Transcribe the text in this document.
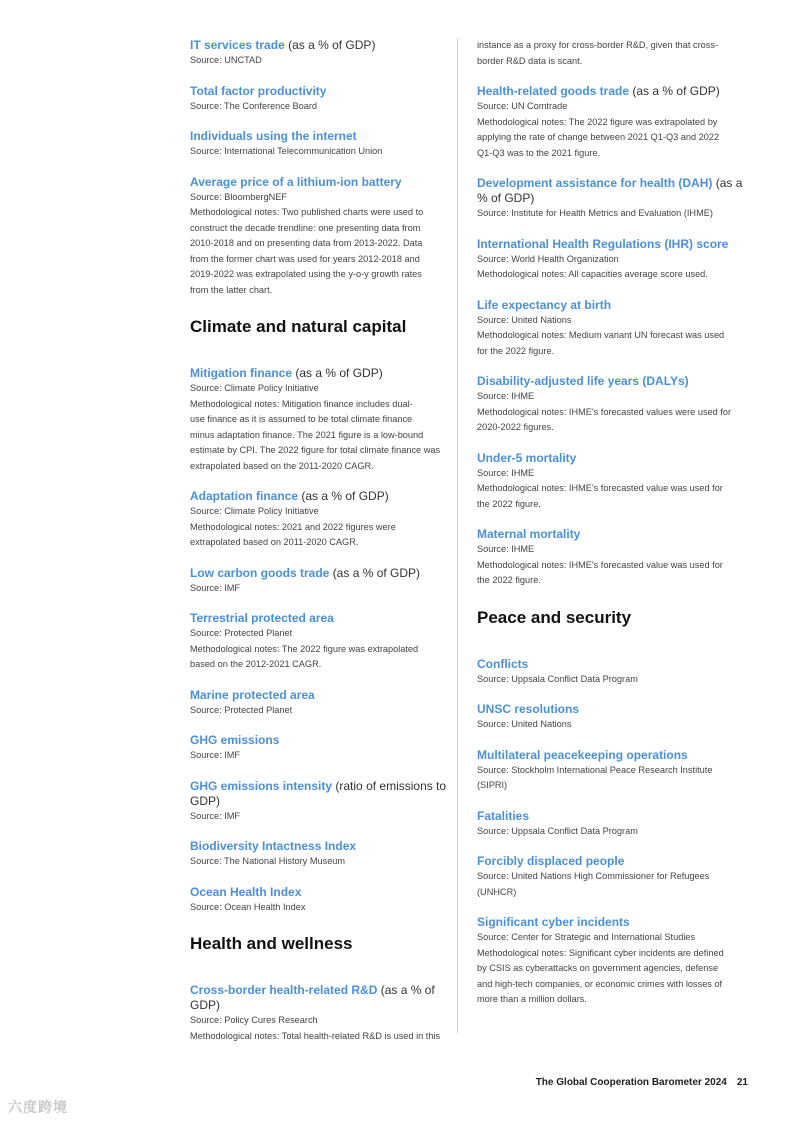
IT services trade (as a % of GDP)
Source: UNCTAD
Total factor productivity
Source: The Conference Board
Individuals using the internet
Source: International Telecommunication Union
Average price of a lithium-ion battery
Source: BloombergNEF
Methodological notes: Two published charts were used to
construct the decade trendline: one presenting data from
2010-2018 and on presenting data from 2013-2022. Data
from the former chart was used for years 2012-2018 and
2019-2022 was extrapolated using the y-o-y growth rates
from the latter chart.
Climate and natural capital
Mitigation finance (as a % of GDP)
Source: Climate Policy Initiative
Methodological notes: Mitigation finance includes dual-
use finance as it is assumed to be total climate finance
minus adaptation finance. The 2021 figure is a low-bound
estimate by CPI. The 2022 figure for total climate finance was
extrapolated based on the 2011-2020 CAGR.
Adaptation finance (as a % of GDP)
Source: Climate Policy Initiative
Methodological notes: 2021 and 2022 figures were
extrapolated based on 2011-2020 CAGR.
Low carbon goods trade (as a % of GDP)
Source: IMF
Terrestrial protected area
Source: Protected Planet
Methodological notes: The 2022 figure was extrapolated
based on the 2012-2021 CAGR.
Marine protected area
Source: Protected Planet
GHG emissions
Source: IMF
GHG emissions intensity (ratio of emissions to GDP)
Source: IMF
Biodiversity Intactness Index
Source: The National History Museum
Ocean Health Index
Source: Ocean Health Index
Health and wellness
Cross-border health-related R&D (as a % of GDP)
Source: Policy Cures Research
Methodological notes: Total health-related R&D is used in this
instance as a proxy for cross-border R&D, given that cross-
border R&D data is scant.
Health-related goods trade (as a % of GDP)
Source: UN Comtrade
Methodological notes: The 2022 figure was extrapolated by
applying the rate of change between 2021 Q1-Q3 and 2022
Q1-Q3 was to the 2021 figure.
Development assistance for health (DAH) (as a % of GDP)
Source: Institute for Health Metrics and Evaluation (IHME)
International Health Regulations (IHR) score
Source: World Health Organization
Methodological notes: All capacities average score used.
Life expectancy at birth
Source: United Nations
Methodological notes: Medium variant UN forecast was used
for the 2022 figure.
Disability-adjusted life years (DALYs)
Source: IHME
Methodological notes: IHME's forecasted values were used for
2020-2022 figures.
Under-5 mortality
Source: IHME
Methodological notes: IHME's forecasted value was used for
the 2022 figure.
Maternal mortality
Source: IHME
Methodological notes: IHME's forecasted value was used for
the 2022 figure.
Peace and security
Conflicts
Source: Uppsala Conflict Data Program
UNSC resolutions
Source: United Nations
Multilateral peacekeeping operations
Source: Stockholm International Peace Research Institute
(SIPRI)
Fatalities
Source: Uppsala Conflict Data Program
Forcibly displaced people
Source: United Nations High Commissioner for Refugees
(UNHCR)
Significant cyber incidents
Source: Center for Strategic and International Studies
Methodological notes: Significant cyber incidents are defined
by CSIS as cyberattacks on government agencies, defense
and high-tech companies, or economic crimes with losses of
more than a million dollars.
The Global Cooperation Barometer 2024 21
六度跨境
